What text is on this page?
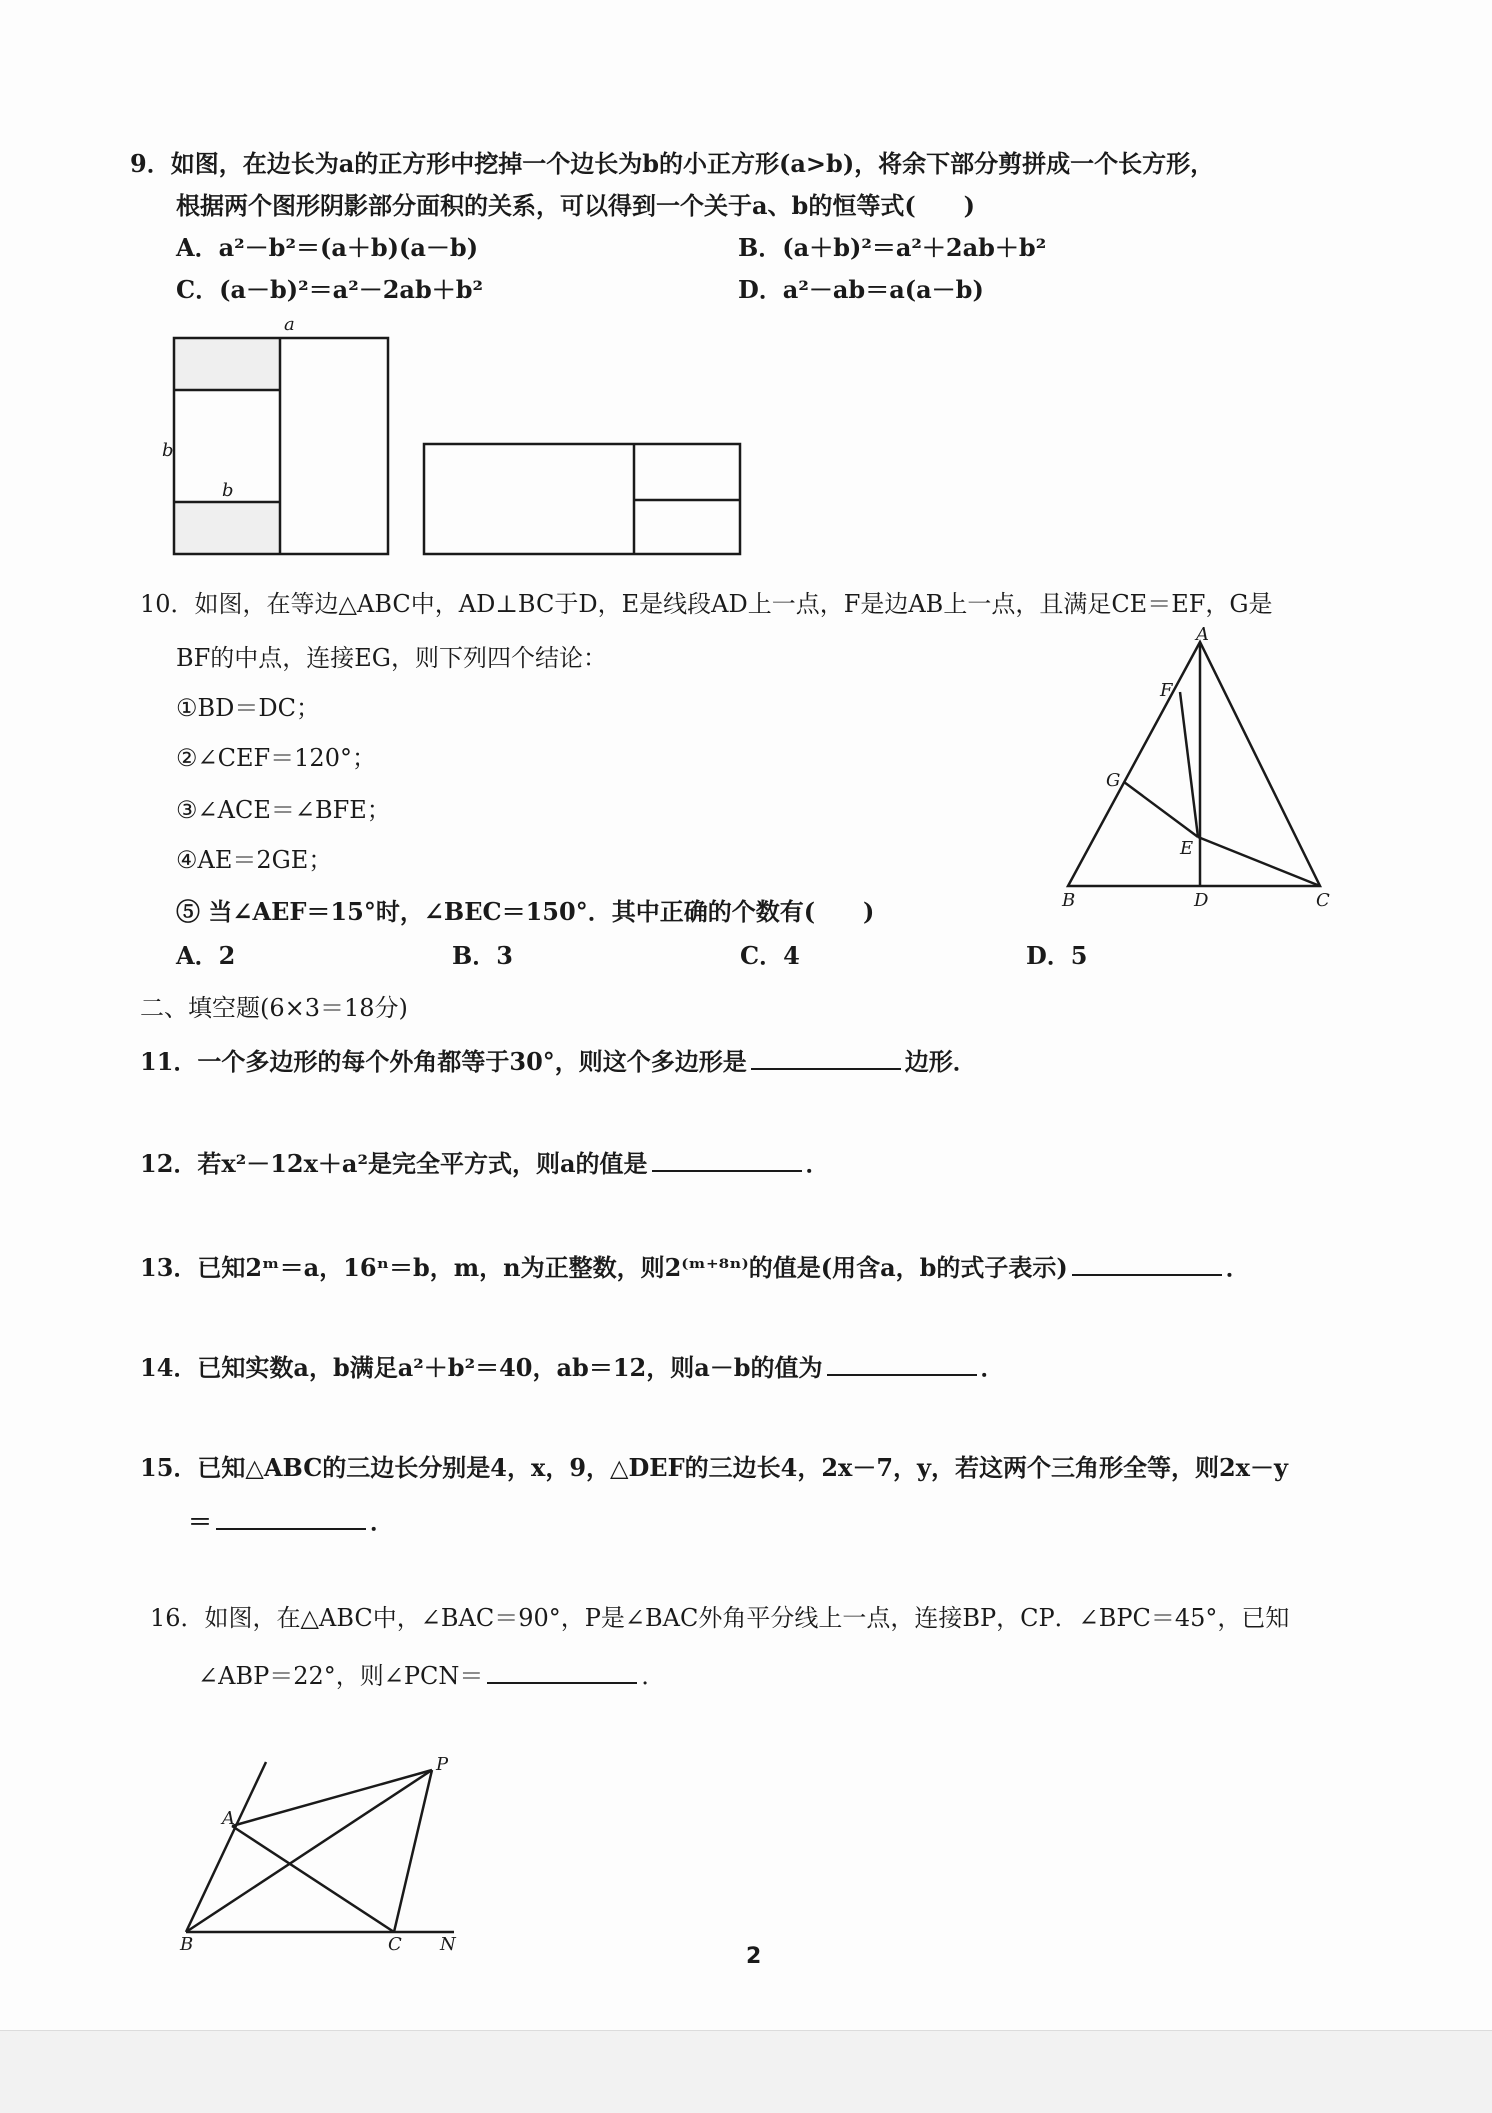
9．如图，在边长为a的正方形中挖掉一个边长为b的小正方形(a>b)，将余下部分剪拼成一个长方形，
根据两个图形阴影部分面积的关系，可以得到一个关于a、b的恒等式(　　)
A．a²－b²＝(a＋b)(a－b)	B．(a＋b)²＝a²＋2ab＋b²
C．(a－b)²＝a²－2ab＋b²	D．a²－ab＝a(a－b)
a
b
b
10．如图，在等边△ABC中，AD⊥BC于D，E是线段AD上一点，F是边AB上一点，且满足CE＝EF，G是
BF的中点，连接EG，则下列四个结论：
①BD＝DC；
②∠CEF＝120°；
③∠ACE＝∠BFE；
④AE＝2GE；
⑤ 当∠AEF＝15°时，∠BEC＝150°．其中正确的个数有(　　)
A．2	B．3	C．4	D．5
A
F
G
E
B	D	C
二、填空题(6×3＝18分)
11．一个多边形的每个外角都等于30°，则这个多边形是	边形．
12．若x²－12x＋a²是完全平方式，则a的值是	．
13．已知2ᵐ＝a，16ⁿ＝b，m，n为正整数，则2⁽ᵐ⁺⁸ⁿ⁾的值是(用含a，b的式子表示)	．
14．已知实数a，b满足a²＋b²＝40，ab＝12，则a－b的值为	．
15．已知△ABC的三边长分别是4，x，9，△DEF的三边长4，2x－7，y，若这两个三角形全等，则2x－y
＝	．
16．如图，在△ABC中，∠BAC＝90°，P是∠BAC外角平分线上一点，连接BP，CP．∠BPC＝45°，已知
∠ABP＝22°，则∠PCN＝	．
P
A
B	C N	2
